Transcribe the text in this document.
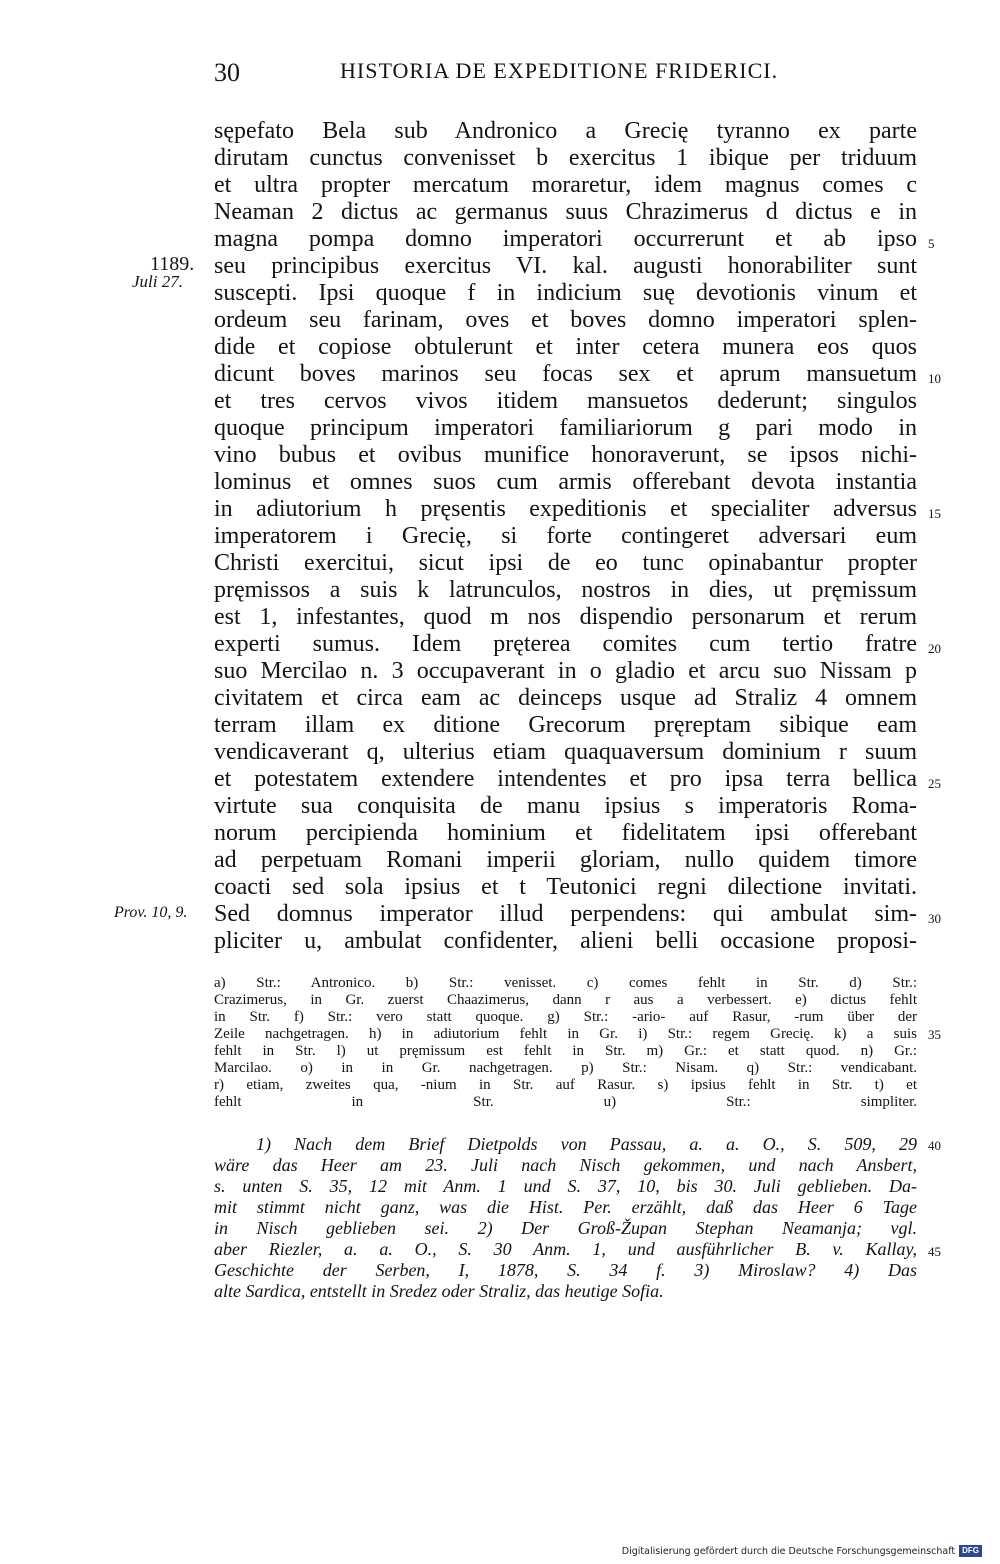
30	HISTORIA DE EXPEDITIONE FRIDERICI.
sępefato Bela sub Andronico a Grecię tyranno ex parte
dirutam cunctus convenisset b exercitus 1 ibique per triduum
et ultra propter mercatum moraretur, idem magnus comes c
Neaman 2 dictus ac germanus suus Chrazimerus d dictus e in
magna pompa domno imperatori occurrerunt et ab ipso
seu principibus exercitus VI. kal. augusti honorabiliter sunt
suscepti. Ipsi quoque f in indicium suę devotionis vinum et
ordeum seu farinam, oves et boves domno imperatori splen-
dide et copiose obtulerunt et inter cetera munera eos quos
dicunt boves marinos seu focas sex et aprum mansuetum
et tres cervos vivos itidem mansuetos dederunt; singulos
quoque principum imperatori familiariorum g pari modo in
vino bubus et ovibus munifice honoraverunt, se ipsos nichi-
lominus et omnes suos cum armis offerebant devota instantia
in adiutorium h pręsentis expeditionis et specialiter adversus
imperatorem i Grecię, si forte contingeret adversari eum
Christi exercitui, sicut ipsi de eo tunc opinabantur propter
pręmissos a suis k latrunculos, nostros in dies, ut pręmissum
est 1, infestantes, quod m nos dispendio personarum et rerum
experti sumus. Idem pręterea comites cum tertio fratre
suo Mercilao n. 3 occupaverant in o gladio et arcu suo Nissam p
civitatem et circa eam ac deinceps usque ad Straliz 4 omnem
terram illam ex ditione Grecorum pręreptam sibique eam
vendicaverant q, ulterius etiam quaquaversum dominium r suum
et potestatem extendere intendentes et pro ipsa terra bellica
virtute sua conquisita de manu ipsius s imperatoris Roma-
norum percipienda hominium et fidelitatem ipsi offerebant
ad perpetuam Romani imperii gloriam, nullo quidem timore
coacti sed sola ipsius et t Teutonici regni dilectione invitati.
Sed domnus imperator illud perpendens: qui ambulat sim-
pliciter u, ambulat confidenter, alieni belli occasione proposi-
1189.
Juli 27.
Prov. 10, 9.
5
10
15
20
25
30
35
40
45
a) Str.: Antronico. b) Str.: venisset. c) comes fehlt in Str. d) Str.:
Crazimerus, in Gr. zuerst Chaazimerus, dann r aus a verbessert. e) dictus fehlt
in Str. f) Str.: vero statt quoque. g) Str.: -ario- auf Rasur, -rum über der
Zeile nachgetragen. h) in adiutorium fehlt in Gr. i) Str.: regem Grecię. k) a suis
fehlt in Str. l) ut pręmissum est fehlt in Str. m) Gr.: et statt quod. n) Gr.:
Marcilao. o) in in Gr. nachgetragen. p) Str.: Nisam. q) Str.: vendicabant.
r) etiam, zweites qua, -nium in Str. auf Rasur. s) ipsius fehlt in Str. t) et
fehlt in Str. u) Str.: simpliter.
1) Nach dem Brief Dietpolds von Passau, a. a. O., S. 509, 29
wäre das Heer am 23. Juli nach Nisch gekommen, und nach Ansbert,
s. unten S. 35, 12 mit Anm. 1 und S. 37, 10, bis 30. Juli geblieben. Da-
mit stimmt nicht ganz, was die Hist. Per. erzählt, daß das Heer 6 Tage
in Nisch geblieben sei. 2) Der Groß-Župan Stephan Neamanja; vgl.
aber Riezler, a. a. O., S. 30 Anm. 1, und ausführlicher B. v. Kallay,
Geschichte der Serben, I, 1878, S. 34 f. 3) Miroslaw? 4) Das
alte Sardica, entstellt in Sredez oder Straliz, das heutige Sofia.
Digitalisierung gefördert durch die Deutsche Forschungsgemeinschaft DFG
